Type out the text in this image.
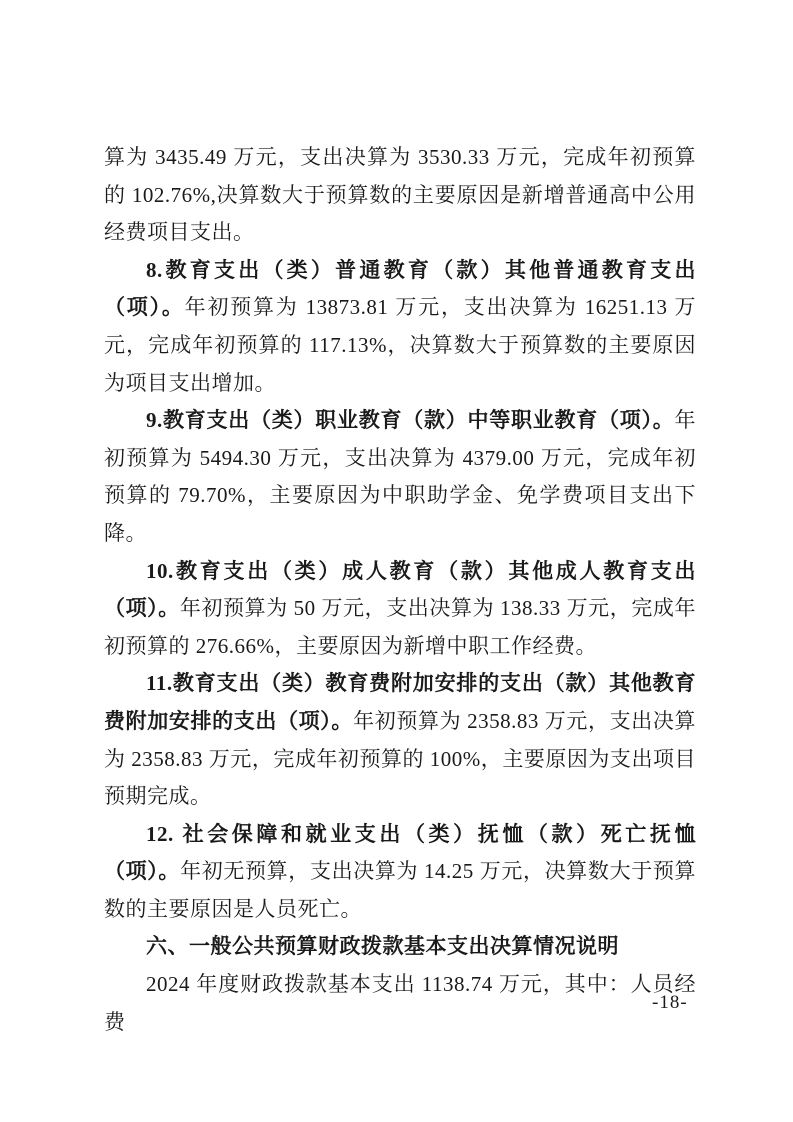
算为 3435.49 万元，支出决算为 3530.33 万元，完成年初预算的 102.76%,决算数大于预算数的主要原因是新增普通高中公用经费项目支出。

8.教育支出（类）普通教育（款）其他普通教育支出（项）。年初预算为 13873.81 万元，支出决算为 16251.13 万元，完成年初预算的 117.13%，决算数大于预算数的主要原因为项目支出增加。

9.教育支出（类）职业教育（款）中等职业教育（项）。年初预算为 5494.30 万元，支出决算为 4379.00 万元，完成年初预算的 79.70%，主要原因为中职助学金、免学费项目支出下降。

10.教育支出（类）成人教育（款）其他成人教育支出（项）。年初预算为 50 万元，支出决算为 138.33 万元，完成年初预算的 276.66%，主要原因为新增中职工作经费。

11.教育支出（类）教育费附加安排的支出（款）其他教育费附加安排的支出（项）。年初预算为 2358.83 万元，支出决算为 2358.83 万元，完成年初预算的 100%，主要原因为支出项目预期完成。

12. 社会保障和就业支出（类）抚恤（款）死亡抚恤（项）。年初无预算，支出决算为 14.25 万元，决算数大于预算数的主要原因是人员死亡。

六、一般公共预算财政拨款基本支出决算情况说明

2024 年度财政拨款基本支出 1138.74 万元，其中：人员经费

-18-
